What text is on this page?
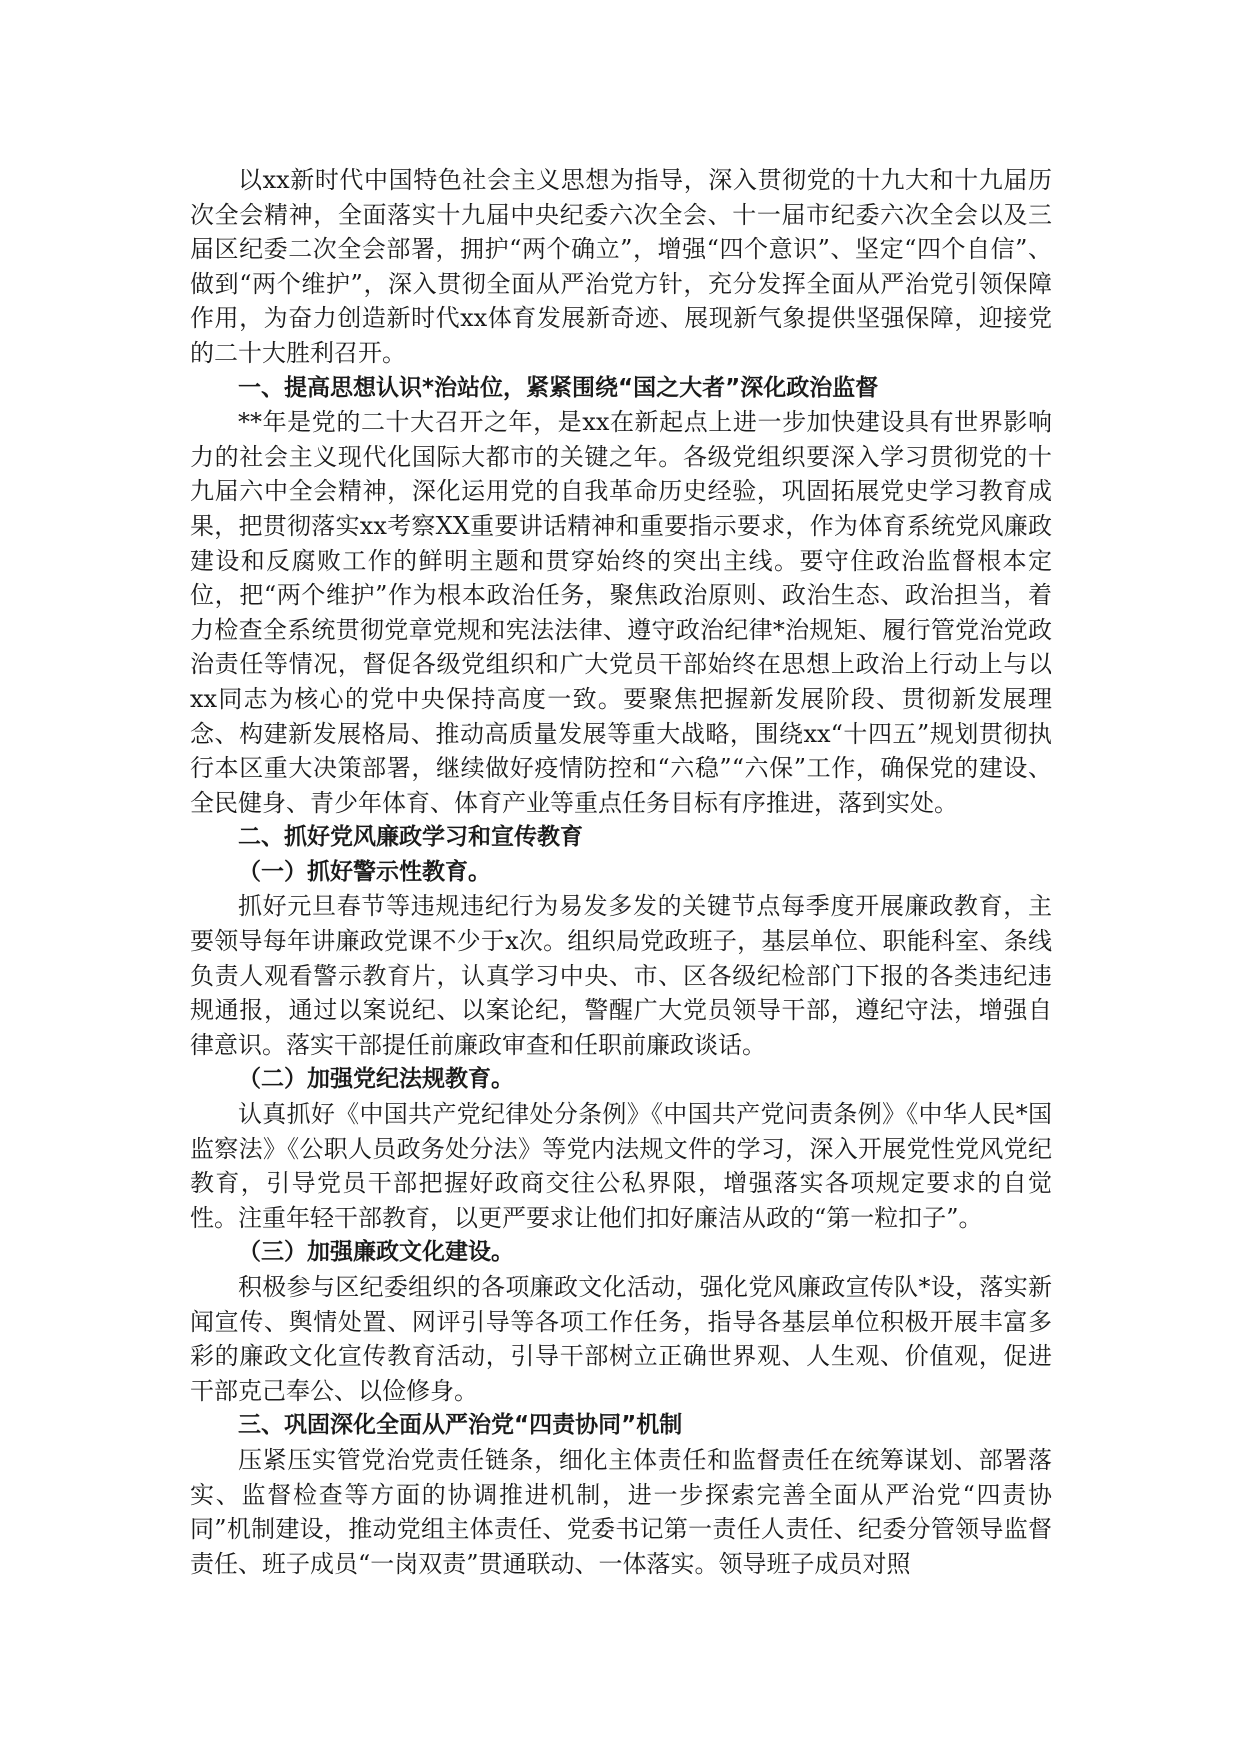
以xx新时代中国特色社会主义思想为指导，深入贯彻党的十九大和十九届历次全会精神，全面落实十九届中央纪委六次全会、十一届市纪委六次全会以及三届区纪委二次全会部署，拥护“两个确立”，增强“四个意识”、坚定“四个自信”、做到“两个维护”，深入贯彻全面从严治党方针，充分发挥全面从严治党引领保障作用，为奋力创造新时代xx体育发展新奇迹、展现新气象提供坚强保障，迎接党的二十大胜利召开。

一、提高思想认识*治站位，紧紧围绕“国之大者”深化政治监督

**年是党的二十大召开之年，是xx在新起点上进一步加快建设具有世界影响力的社会主义现代化国际大都市的关键之年。各级党组织要深入学习贯彻党的十九届六中全会精神，深化运用党的自我革命历史经验，巩固拓展党史学习教育成果，把贯彻落实xx考察XX重要讲话精神和重要指示要求，作为体育系统党风廉政建设和反腐败工作的鲜明主题和贯穿始终的突出主线。要守住政治监督根本定位，把“两个维护”作为根本政治任务，聚焦政治原则、政治生态、政治担当，着力检查全系统贯彻党章党规和宪法法律、遵守政治纪律*治规矩、履行管党治党政治责任等情况，督促各级党组织和广大党员干部始终在思想上政治上行动上与以xx同志为核心的党中央保持高度一致。要聚焦把握新发展阶段、贯彻新发展理念、构建新发展格局、推动高质量发展等重大战略，围绕xx“十四五”规划贯彻执行本区重大决策部署，继续做好疫情防控和“六稳”“六保”工作，确保党的建设、全民健身、青少年体育、体育产业等重点任务目标有序推进，落到实处。

二、抓好党风廉政学习和宣传教育

（一）抓好警示性教育。

抓好元旦春节等违规违纪行为易发多发的关键节点每季度开展廉政教育，主要领导每年讲廉政党课不少于x次。组织局党政班子，基层单位、职能科室、条线负责人观看警示教育片，认真学习中央、市、区各级纪检部门下报的各类违纪违规通报，通过以案说纪、以案论纪，警醒广大党员领导干部，遵纪守法，增强自律意识。落实干部提任前廉政审查和任职前廉政谈话。

（二）加强党纪法规教育。

认真抓好《中国共产党纪律处分条例》《中国共产党问责条例》《中华人民*国监察法》《公职人员政务处分法》等党内法规文件的学习，深入开展党性党风党纪教育，引导党员干部把握好政商交往公私界限，增强落实各项规定要求的自觉性。注重年轻干部教育，以更严要求让他们扣好廉洁从政的“第一粒扣子”。

（三）加强廉政文化建设。

积极参与区纪委组织的各项廉政文化活动，强化党风廉政宣传队*设，落实新闻宣传、舆情处置、网评引导等各项工作任务，指导各基层单位积极开展丰富多彩的廉政文化宣传教育活动，引导干部树立正确世界观、人生观、价值观，促进干部克己奉公、以俭修身。

三、巩固深化全面从严治党“四责协同”机制

压紧压实管党治党责任链条，细化主体责任和监督责任在统筹谋划、部署落实、监督检查等方面的协调推进机制，进一步探索完善全面从严治党“四责协同”机制建设，推动党组主体责任、党委书记第一责任人责任、纪委分管领导监督责任、班子成员“一岗双责”贯通联动、一体落实。领导班子成员对照
